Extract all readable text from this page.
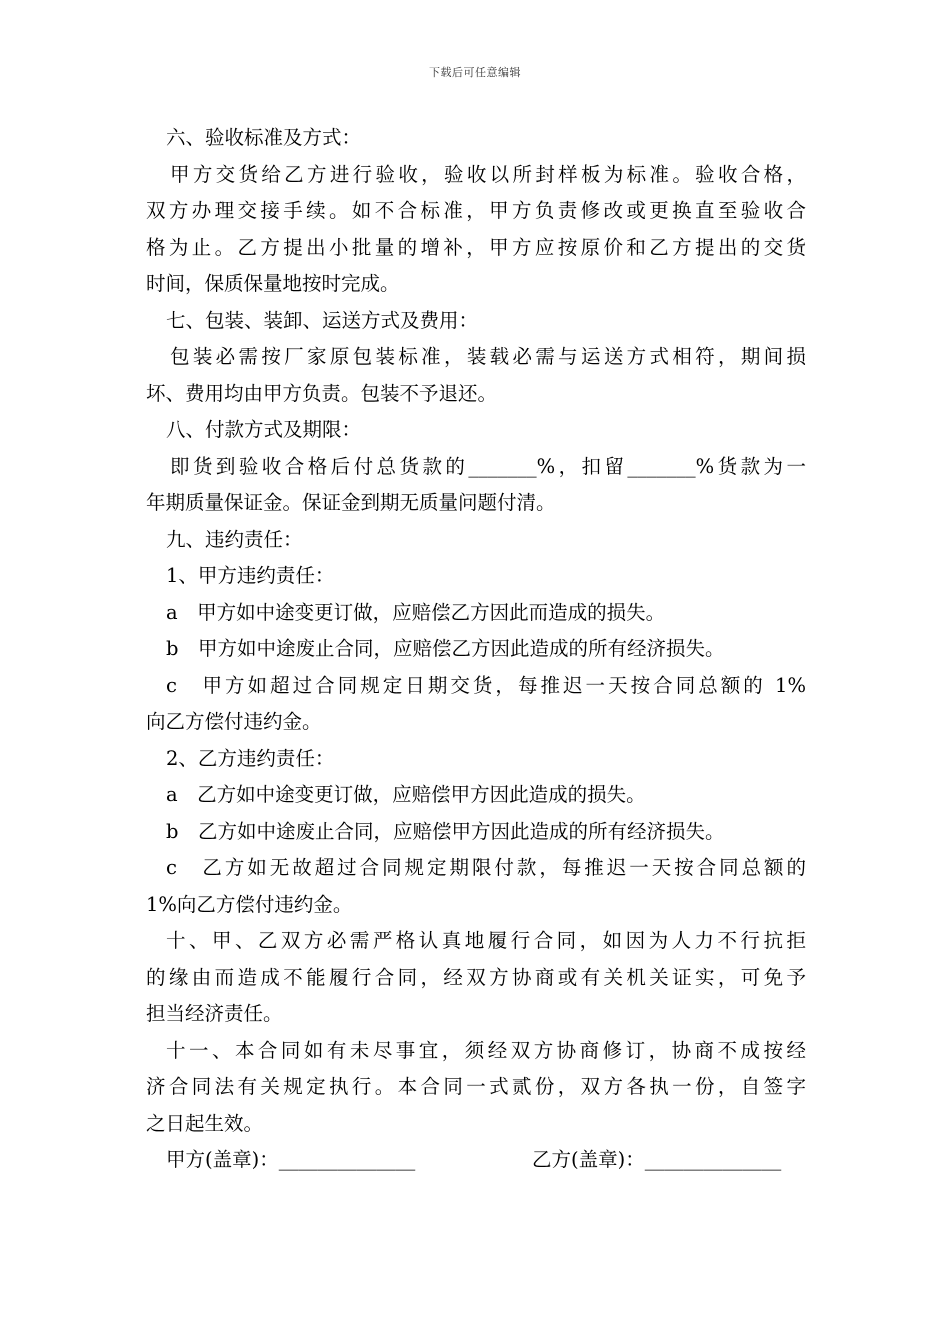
下载后可任意编辑
六、验收标准及方式：
甲方交货给乙方进行验收，验收以所封样板为标准。验收合格，
双方办理交接手续。如不合标准，甲方负责修改或更换直至验收合
格为止。乙方提出小批量的增补，甲方应按原价和乙方提出的交货
时间，保质保量地按时完成。
七、包装、装卸、运送方式及费用：
包装必需按厂家原包装标准，装载必需与运送方式相符，期间损
坏、费用均由甲方负责。包装不予退还。
八、付款方式及期限：
即货到验收合格后付总货款的_______%，扣留_______%货款为一
年期质量保证金。保证金到期无质量问题付清。
九、违约责任：
1、甲方违约责任：
a　甲方如中途变更订做，应赔偿乙方因此而造成的损失。
b　甲方如中途废止合同，应赔偿乙方因此造成的所有经济损失。
c　甲方如超过合同规定日期交货，每推迟一天按合同总额的 1%
向乙方偿付违约金。
2、乙方违约责任：
a　乙方如中途变更订做，应赔偿甲方因此造成的损失。
b　乙方如中途废止合同，应赔偿甲方因此造成的所有经济损失。
c　乙方如无故超过合同规定期限付款，每推迟一天按合同总额的
1%向乙方偿付违约金。
十、甲、乙双方必需严格认真地履行合同，如因为人力不行抗拒
的缘由而造成不能履行合同，经双方协商或有关机关证实，可免予
担当经济责任。
十一、本合同如有未尽事宜，须经双方协商修订，协商不成按经
济合同法有关规定执行。本合同一式贰份，双方各执一份，自签字
之日起生效。
甲方(盖章)：______________	乙方(盖章)：______________
